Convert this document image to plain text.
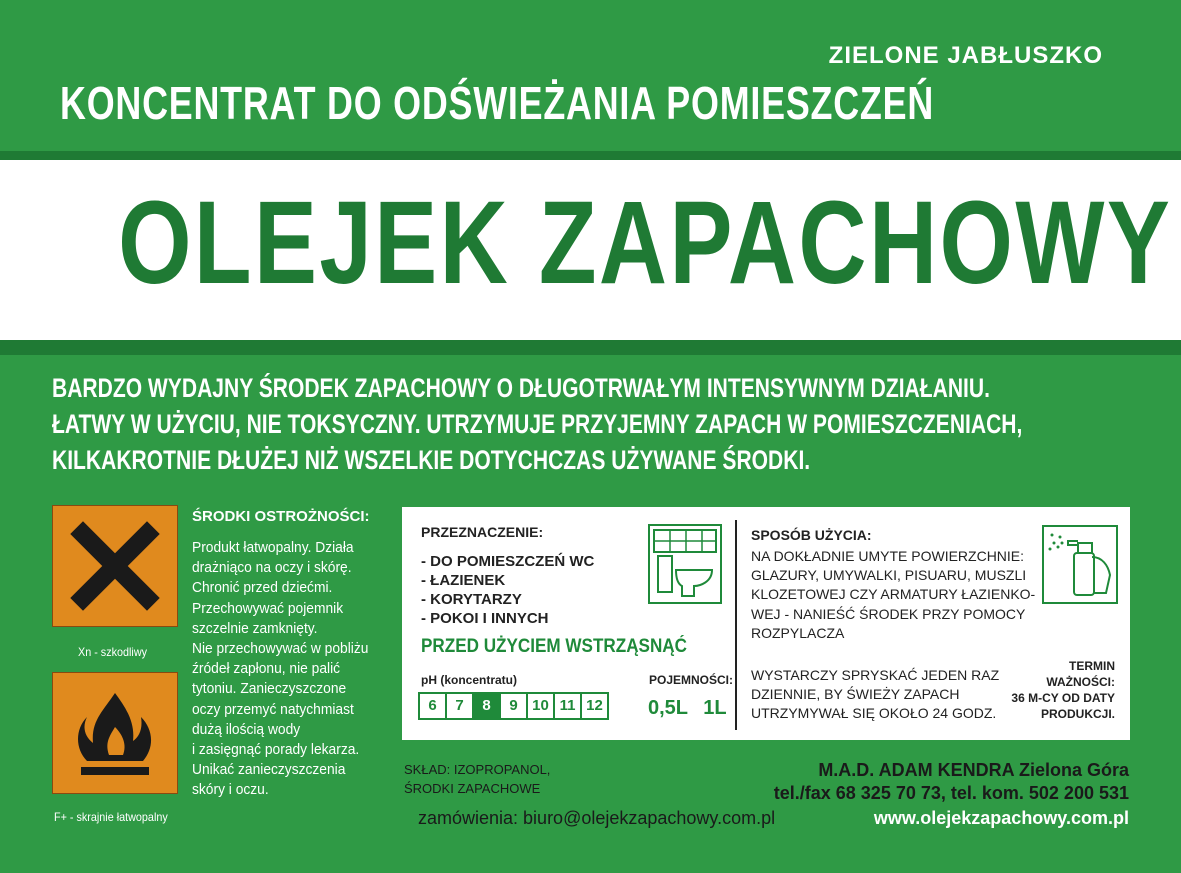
ZIELONE JABŁUSZKO
KONCENTRAT DO ODŚWIEŻANIA POMIESZCZEŃ
OLEJEK ZAPACHOWY
BARDZO WYDAJNY ŚRODEK ZAPACHOWY O DŁUGOTRWAŁYM INTENSYWNYM DZIAŁANIU.
ŁATWY W UŻYCIU, NIE TOKSYCZNY. UTRZYMUJE PRZYJEMNY ZAPACH W POMIESZCZENIACH,
KILKAKROTNIE DŁUŻEJ NIŻ WSZELKIE DOTYCHCZAS UŻYWANE ŚRODKI.
Xn - szkodliwy
F+ - skrajnie łatwopalny
ŚRODKI OSTROŻNOŚCI:
Produkt łatwopalny. Działa
drażniąco na oczy i skórę.
Chronić przed dziećmi.
Przechowywać pojemnik
szczelnie zamknięty.
Nie przechowywać w pobliżu
źródeł zapłonu, nie palić
tytoniu. Zanieczyszczone
oczy przemyć natychmiast
dużą ilością wody
i zasięgnąć porady lekarza.
Unikać zanieczyszczenia
skóry i oczu.
PRZEZNACZENIE:
- DO POMIESZCZEŃ WC
- ŁAZIENEK
- KORYTARZY
- POKOI I INNYCH
PRZED UŻYCIEM WSTRZĄSNĄĆ
pH (koncentratu)
6	7	8	9 10 11 12
POJEMNOŚCI:
0,5L 1L
SPOSÓB UŻYCIA:
NA DOKŁADNIE UMYTE POWIERZCHNIE:
GLAZURY, UMYWALKI, PISUARU, MUSZLI
KLOZETOWEJ CZY ARMATURY ŁAZIENKO-
WEJ - NANIEŚĆ ŚRODEK PRZY POMOCY
ROZPYLACZA
WYSTARCZY SPRYSKAĆ JEDEN RAZ
DZIENNIE, BY ŚWIEŻY ZAPACH
UTRZYMYWAŁ SIĘ OKOŁO 24 GODZ.
TERMIN
WAŻNOŚCI:
36 M-CY OD DATY
PRODUKCJI.
SKŁAD: IZOPROPANOL,
ŚRODKI ZAPACHOWE
M.A.D. ADAM KENDRA Zielona Góra
tel./fax 68 325 70 73, tel. kom. 502 200 531
zamówienia: biuro@olejekzapachowy.com.pl	www.olejekzapachowy.com.pl
